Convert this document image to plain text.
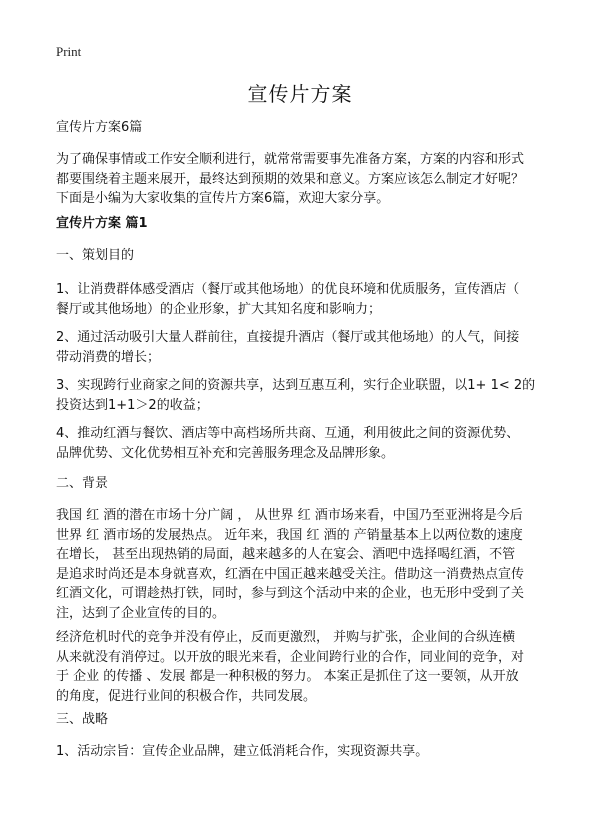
Print
宣传片方案

宣传片方案6篇

为了确保事情或工作安全顺利进行，就常常需要事先准备方案，方案的内容和形式
都要围绕着主题来展开，最终达到预期的效果和意义。方案应该怎么制定才好呢？
下面是小编为大家收集的宣传片方案6篇，欢迎大家分享。

宣传片方案 篇1

一、策划目的

1、让消费群体感受酒店（餐厅或其他场地）的优良环境和优质服务，宣传酒店（
餐厅或其他场地）的企业形象，扩大其知名度和影响力；

2、通过活动吸引大量人群前往，直接提升酒店（餐厅或其他场地）的人气，间接
带动消费的增长；

3、实现跨行业商家之间的资源共享，达到互惠互利，实行企业联盟，以1+ 1< 2的
投资达到1+1＞2的收益；

4、推动红酒与餐饮、酒店等中高档场所共商、互通，利用彼此之间的资源优势、
品牌优势、文化优势相互补充和完善服务理念及品牌形象。

二、背景

我国 红 酒的潜在市场十分广阔 ， 从世界 红 酒市场来看，中国乃至亚洲将是今后
世界 红 酒市场的发展热点。 近年来，我国 红 酒的 产销量基本上以两位数的速度
在增长， 甚至出现热销的局面，越来越多的人在宴会、酒吧中选择喝红酒，不管
是追求时尚还是本身就喜欢，红酒在中国正越来越受关注。借助这一消费热点宣传
红酒文化，可谓趁热打铁，同时，参与到这个活动中来的企业，也无形中受到了关
注，达到了企业宣传的目的。

经济危机时代的竞争并没有停止，反而更激烈， 并购与扩张，企业间的合纵连横
从来就没有消停过。以开放的眼光来看，企业间跨行业的合作，同业间的竞争，对
于 企业 的传播 、发展 都是一种积极的努力。 本案正是抓住了这一要领，从开放
的角度，促进行业间的积极合作，共同发展。

三、战略

1、活动宗旨：宣传企业品牌，建立低消耗合作，实现资源共享。
